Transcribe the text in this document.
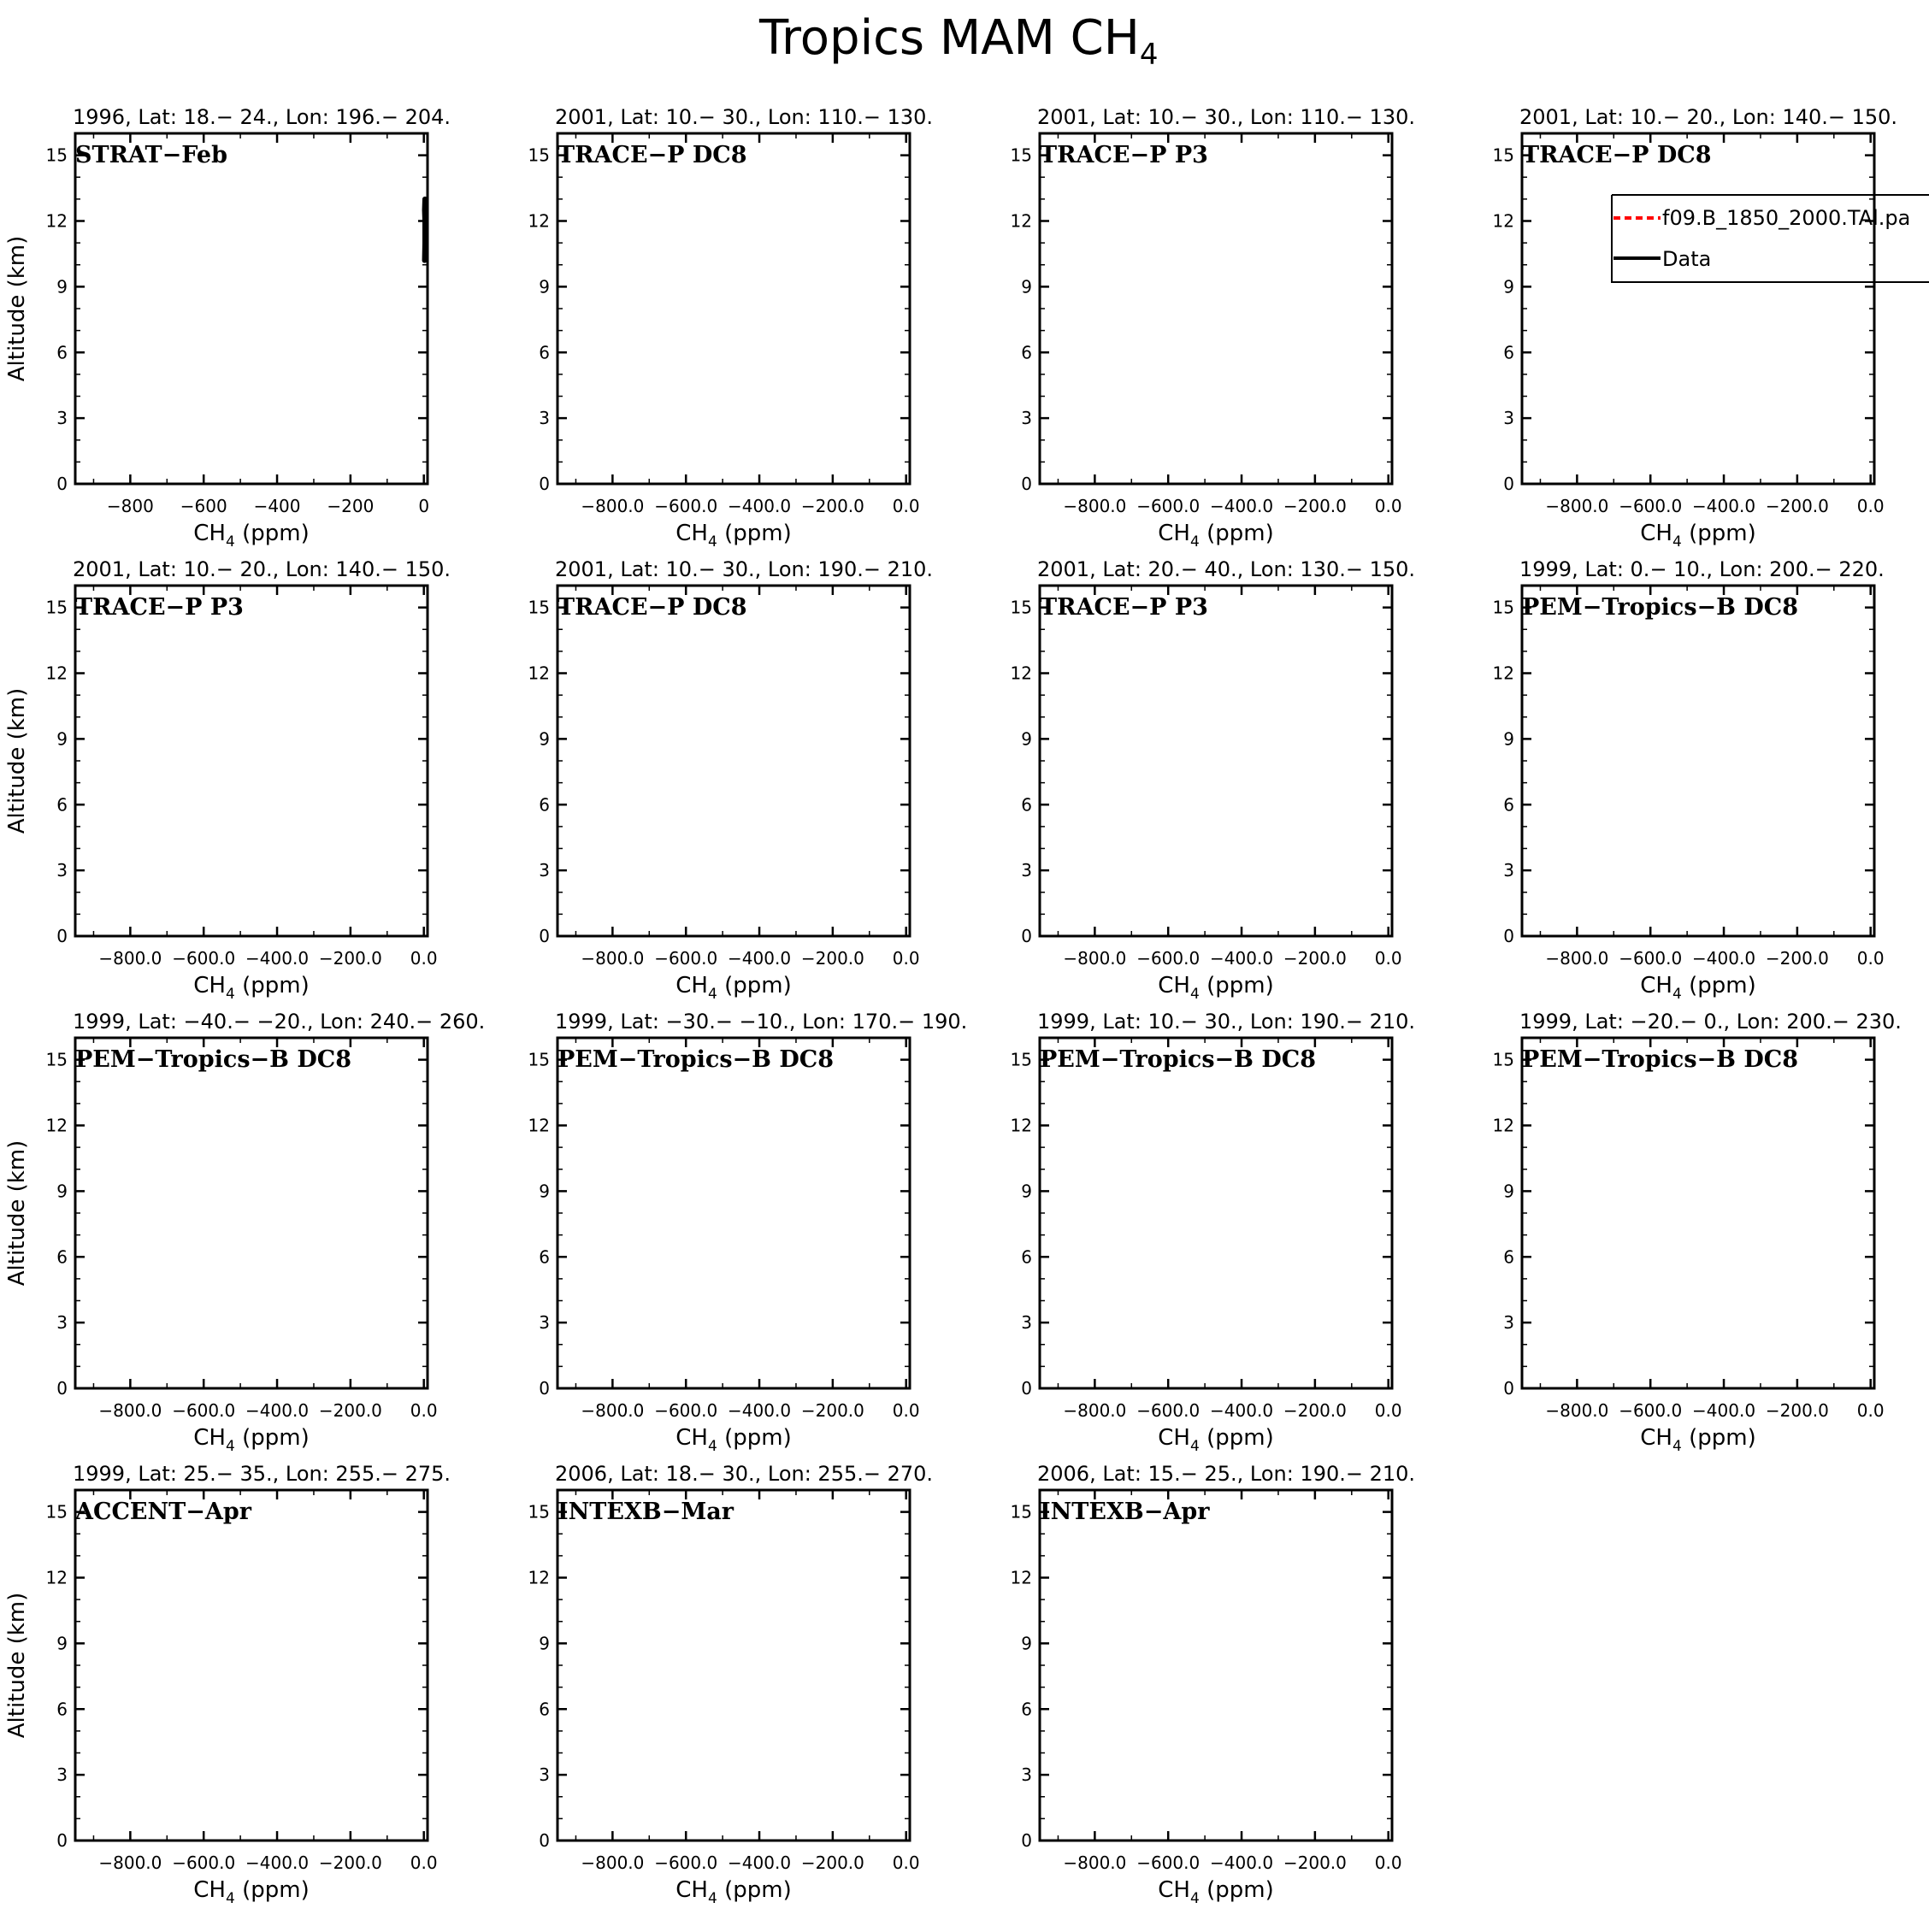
Tropics MAM $CH_4$
0
3
6
9
12
15
−800 −600 −400 −200	0
$CH_4$ (ppm)
Altitude (km)
1996, Lat: 18.− 24., Lon: 196.− 204.
STRAT−Feb
0
3
6
9
12
15
−800.0 −600.0 −400.0 −200.0 0.0
$CH_4$ (ppm)
2001, Lat: 10.− 30., Lon: 110.− 130.
TRACE−P DC8
0
3
6
9
12
15
−800.0 −600.0 −400.0 −200.0 0.0
$CH_4$ (ppm)
2001, Lat: 10.− 30., Lon: 110.− 130.
TRACE−P P3
0
3
6
9
12
15
−800.0 −600.0 −400.0 −200.0 0.0
$CH_4$ (ppm)
2001, Lat: 10.− 20., Lon: 140.− 150.
TRACE−P DC8
f09.B_1850_2000.TAl.pa
Data
0
3
6
9
12
15
−800.0 −600.0 −400.0 −200.0 0.0
$CH_4$ (ppm)
Altitude (km)
2001, Lat: 10.− 20., Lon: 140.− 150.
TRACE−P P3
0
3
6
9
12
15
−800.0 −600.0 −400.0 −200.0 0.0
$CH_4$ (ppm)
2001, Lat: 10.− 30., Lon: 190.− 210.
TRACE−P DC8
0
3
6
9
12
15
−800.0 −600.0 −400.0 −200.0 0.0
$CH_4$ (ppm)
2001, Lat: 20.− 40., Lon: 130.− 150.
TRACE−P P3
0
3
6
9
12
15
−800.0 −600.0 −400.0 −200.0 0.0
$CH_4$ (ppm)
1999, Lat: 0.− 10., Lon: 200.− 220.
PEM−Tropics−B DC8
0
3
6
9
12
15
−800.0 −600.0 −400.0 −200.0 0.0
$CH_4$ (ppm)
Altitude (km)
1999, Lat: −40.− −20., Lon: 240.− 260.
PEM−Tropics−B DC8
0
3
6
9
12
15
−800.0 −600.0 −400.0 −200.0 0.0
$CH_4$ (ppm)
1999, Lat: −30.− −10., Lon: 170.− 190.
PEM−Tropics−B DC8
0
3
6
9
12
15
−800.0 −600.0 −400.0 −200.0 0.0
$CH_4$ (ppm)
1999, Lat: 10.− 30., Lon: 190.− 210.
PEM−Tropics−B DC8
0
3
6
9
12
15
−800.0 −600.0 −400.0 −200.0 0.0
$CH_4$ (ppm)
1999, Lat: −20.− 0., Lon: 200.− 230.
PEM−Tropics−B DC8
0
3
6
9
12
15
−800.0 −600.0 −400.0 −200.0 0.0
$CH_4$ (ppm)
Altitude (km)
1999, Lat: 25.− 35., Lon: 255.− 275.
ACCENT−Apr
0
3
6
9
12
15
−800.0 −600.0 −400.0 −200.0 0.0
$CH_4$ (ppm)
2006, Lat: 18.− 30., Lon: 255.− 270.
INTEXB−Mar
0
3
6
9
12
15
−800.0 −600.0 −400.0 −200.0 0.0
$CH_4$ (ppm)
2006, Lat: 15.− 25., Lon: 190.− 210.
INTEXB−Apr
